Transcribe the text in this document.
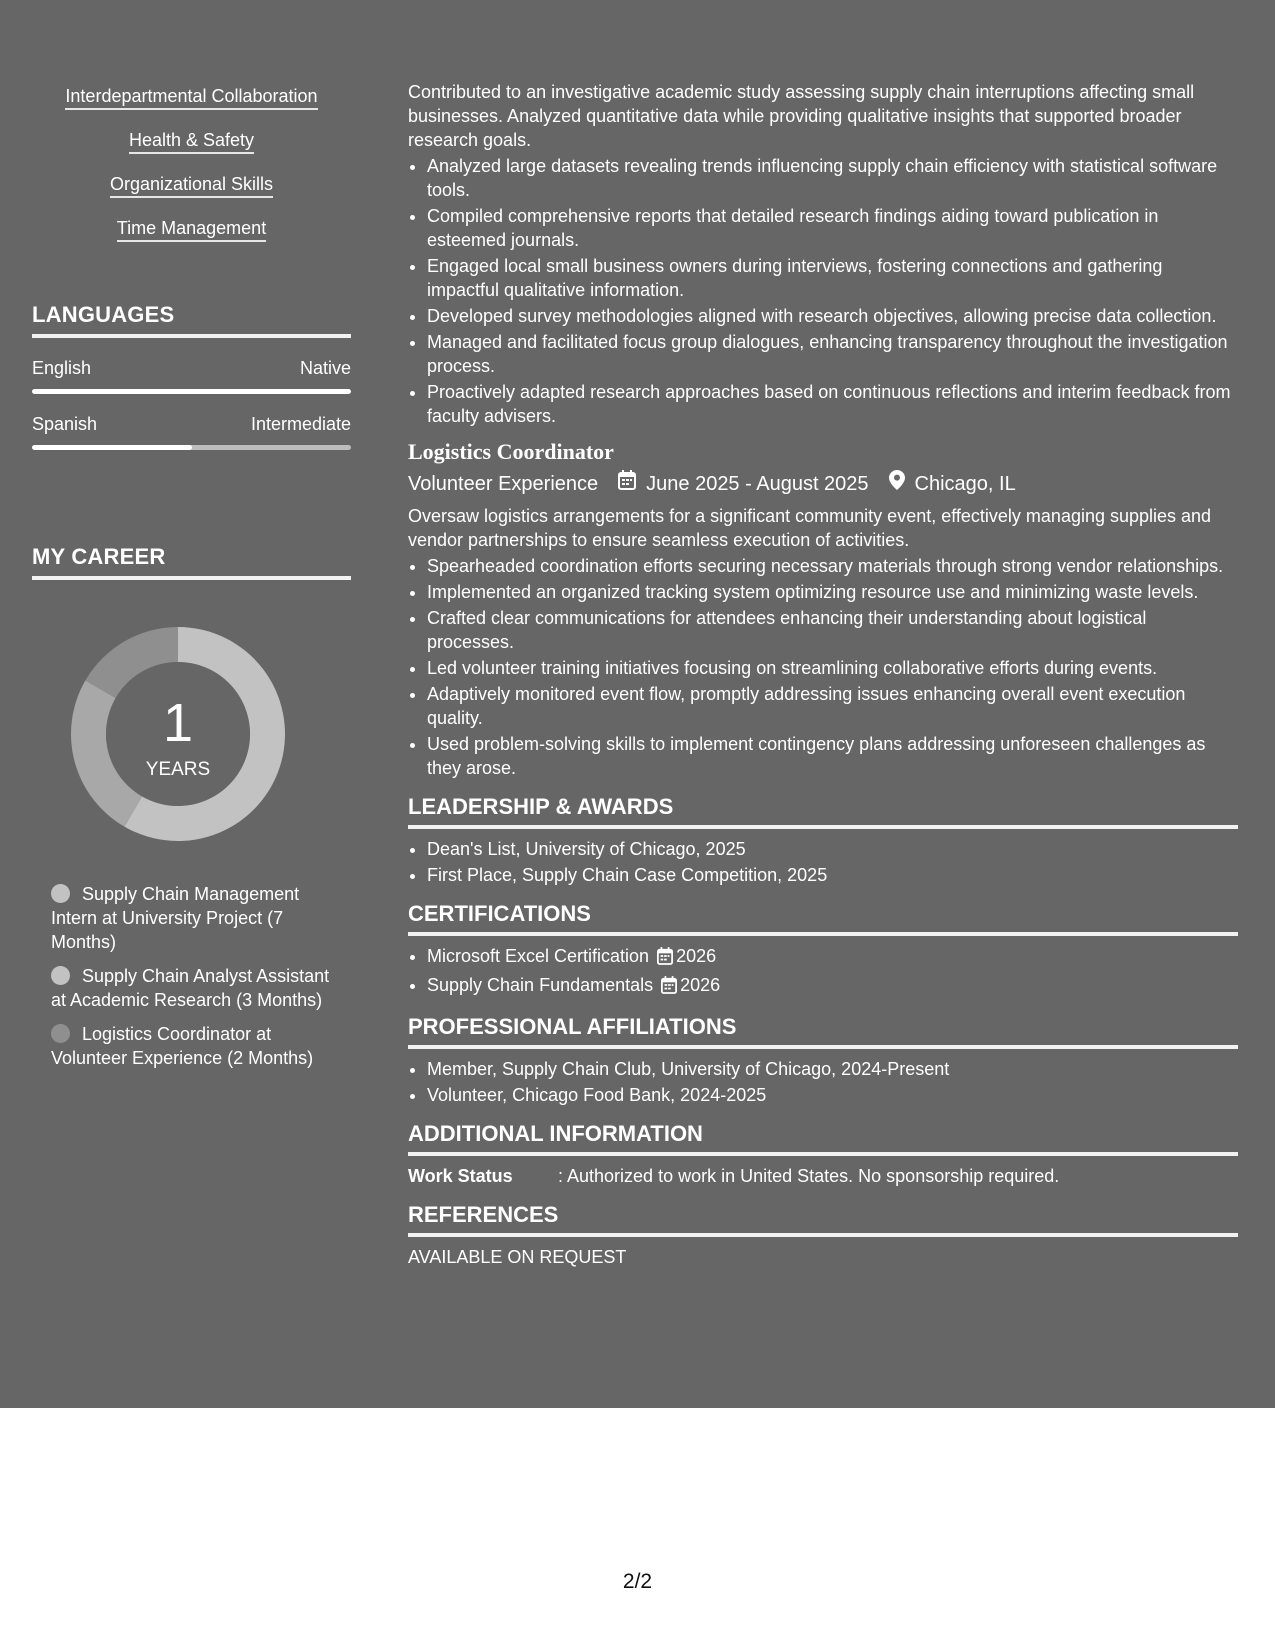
Interdepartmental Collaboration
Health & Safety
Organizational Skills
Time Management
LANGUAGES
English	Native
Spanish	Intermediate
MY CAREER
1
YEARS
Supply Chain Management Intern at University Project (7 Months)
Supply Chain Analyst Assistant at Academic Research (3 Months)
Logistics Coordinator at Volunteer Experience (2 Months)

Contributed to an investigative academic study assessing supply chain interruptions affecting small businesses. Analyzed quantitative data while providing qualitative insights that supported broader research goals.

• Analyzed large datasets revealing trends influencing supply chain efficiency with statistical software tools.
• Compiled comprehensive reports that detailed research findings aiding toward publication in esteemed journals.
• Engaged local small business owners during interviews, fostering connections and gathering impactful qualitative information.
• Developed survey methodologies aligned with research objectives, allowing precise data collection.
• Managed and facilitated focus group dialogues, enhancing transparency throughout the investigation process.
• Proactively adapted research approaches based on continuous reflections and interim feedback from faculty advisers.
Logistics Coordinator
Volunteer Experience June 2025 - August 2025 Chicago, IL

Oversaw logistics arrangements for a significant community event, effectively managing supplies and vendor partnerships to ensure seamless execution of activities.

• Spearheaded coordination efforts securing necessary materials through strong vendor relationships.
• Implemented an organized tracking system optimizing resource use and minimizing waste levels.
• Crafted clear communications for attendees enhancing their understanding about logistical processes.
• Led volunteer training initiatives focusing on streamlining collaborative efforts during events.
• Adaptively monitored event flow, promptly addressing issues enhancing overall event execution quality.
• Used problem-solving skills to implement contingency plans addressing unforeseen challenges as they arose.
LEADERSHIP & AWARDS
• Dean's List, University of Chicago, 2025
• First Place, Supply Chain Case Competition, 2025
CERTIFICATIONS
• Microsoft Excel Certification 2026
• Supply Chain Fundamentals 2026
PROFESSIONAL AFFILIATIONS
• Member, Supply Chain Club, University of Chicago, 2024-Present
• Volunteer, Chicago Food Bank, 2024-2025
ADDITIONAL INFORMATION
Work Status	: Authorized to work in United States. No sponsorship required.
REFERENCES
AVAILABLE ON REQUEST
2/2
